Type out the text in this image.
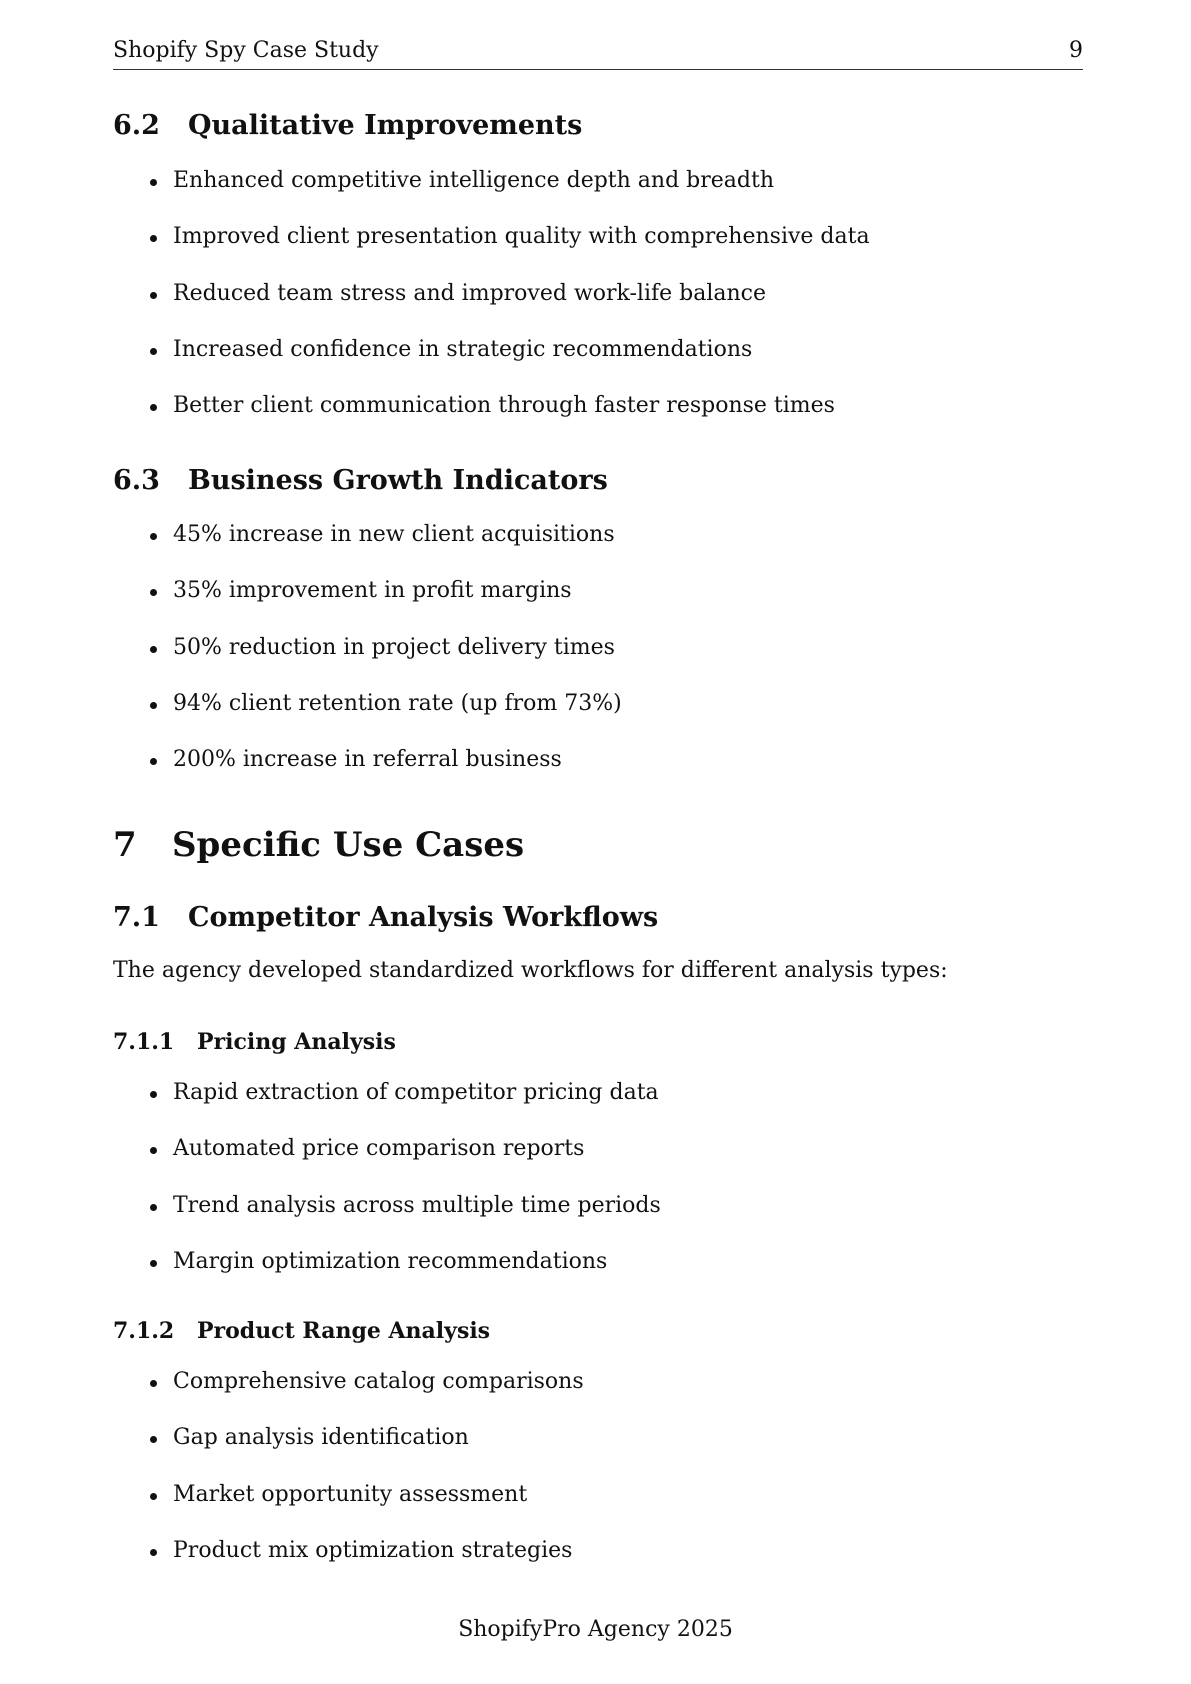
Shopify Spy Case Study	9
6.2 Qualitative Improvements
Enhanced competitive intelligence depth and breadth
Improved client presentation quality with comprehensive data
Reduced team stress and improved work-life balance
Increased confidence in strategic recommendations
Better client communication through faster response times
6.3 Business Growth Indicators
45% increase in new client acquisitions
35% improvement in profit margins
50% reduction in project delivery times
94% client retention rate (up from 73%)
200% increase in referral business
7 Specific Use Cases
7.1 Competitor Analysis Workflows
The agency developed standardized workflows for different analysis types:
7.1.1 Pricing Analysis
Rapid extraction of competitor pricing data
Automated price comparison reports
Trend analysis across multiple time periods
Margin optimization recommendations
7.1.2 Product Range Analysis
Comprehensive catalog comparisons
Gap analysis identification
Market opportunity assessment
Product mix optimization strategies
ShopifyPro Agency 2025
